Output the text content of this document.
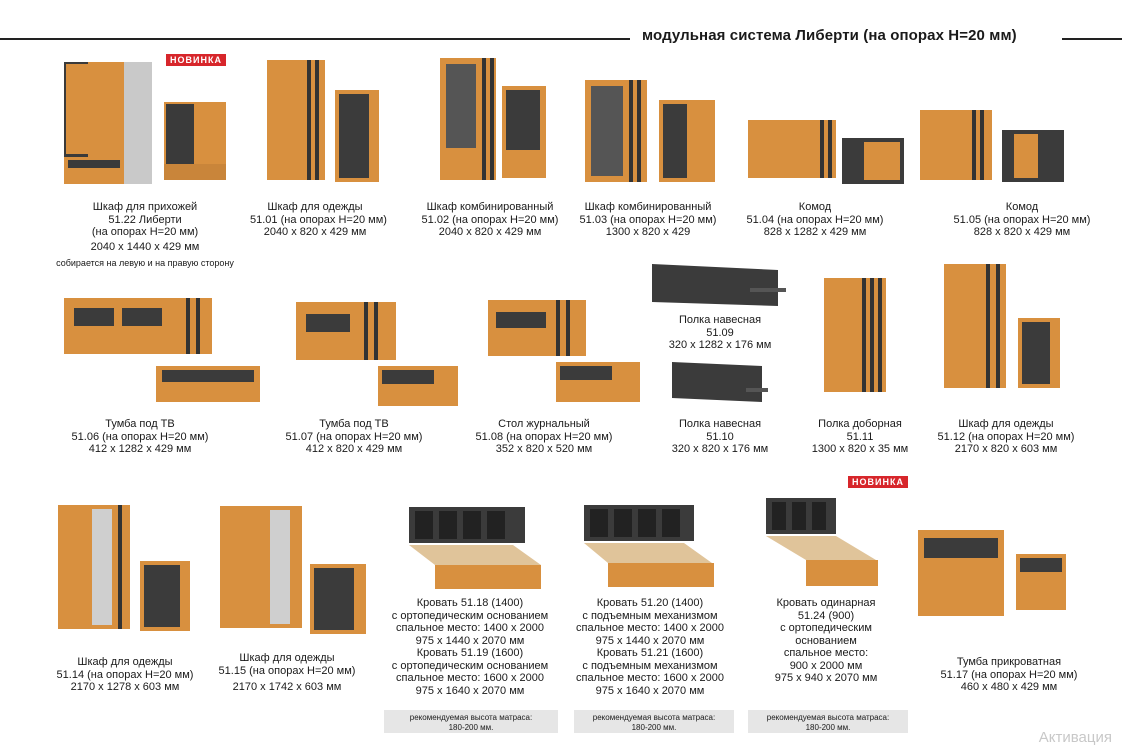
модульная система Либерти (на опорах H=20 мм)
НОВИНКА
Шкаф для прихожей
51.22 Либерти
(на опорах H=20 мм)
2040 x 1440 x 429 мм
собирается на левую и на правую сторону
Шкаф для одежды
51.01 (на опорах H=20 мм)
2040 x 820 x 429 мм
Шкаф комбинированный
51.02 (на опорах H=20 мм)
2040 x 820 x 429 мм
Шкаф комбинированный
51.03 (на опорах H=20 мм)
1300 x 820 x 429
Комод
51.04 (на опорах H=20 мм)
828 x 1282 x 429 мм
Комод
51.05 (на опорах H=20 мм)
828 x 820 x 429 мм
Тумба под ТВ
51.06 (на опорах H=20 мм)
412 x 1282 x 429 мм
Тумба под ТВ
51.07 (на опорах H=20 мм)
412 x 820 x 429 мм
Стол журнальный
51.08 (на опорах H=20 мм)
352 x 820 x 520 мм
Полка навесная
51.09
320 x 1282 x 176 мм
Полка навесная
51.10
320 x 820 x 176 мм
Полка доборная
51.11
1300 x 820 x 35 мм
Шкаф для одежды
51.12 (на опорах H=20 мм)
2170 x 820 x 603 мм
НОВИНКА
Шкаф для одежды
51.14 (на опорах H=20 мм)
2170 x 1278 x 603 мм
Шкаф для одежды
51.15 (на опорах H=20 мм)
2170 x 1742 x 603 мм
Кровать 51.18 (1400)
с ортопедическим основанием
спальное место: 1400 x 2000
975 x 1440 x 2070 мм
Кровать 51.19 (1600)
с ортопедическим основанием
спальное место: 1600 x 2000
975 x 1640 x 2070 мм
Кровать 51.20 (1400)
с подъемным механизмом
спальное место: 1400 x 2000
975 x 1440 x 2070 мм
Кровать 51.21 (1600)
с подъемным механизмом
спальное место: 1600 x 2000
975 x 1640 x 2070 мм
Кровать одинарная
51.24 (900)
с ортопедическим
основанием
спальное место:
900 x 2000 мм
975 x 940 x 2070 мм
Тумба прикроватная
51.17 (на опорах H=20 мм)
460 x 480 x 429 мм
рекомендуемая высота матраса:
180-200 мм.
рекомендуемая высота матраса:
180-200 мм.
рекомендуемая высота матраса:
180-200 мм.
Активация
